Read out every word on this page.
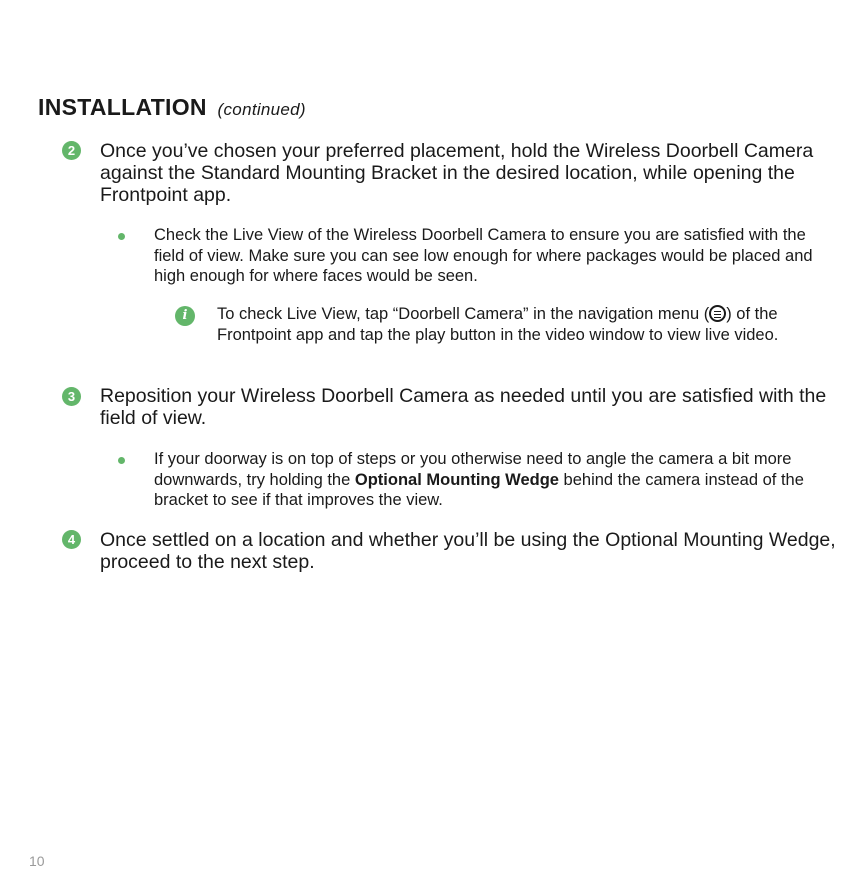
INSTALLATION (continued)
2	Once you’ve chosen your preferred placement, hold the Wireless Doorbell Camera against the Standard Mounting Bracket in the desired location, while opening the Frontpoint app.
Check the Live View of the Wireless Doorbell Camera to ensure you are satisfied with the field of view. Make sure you can see low enough for where packages would be placed and high enough for where faces would be seen.
i	To check Live View, tap “Doorbell Camera” in the navigation menu ( ) of the Frontpoint app and tap the play button in the video window to view live video.
3	Reposition your Wireless Doorbell Camera as needed until you are satisfied with the field of view.
If your doorway is on top of steps or you otherwise need to angle the camera a bit more downwards, try holding the Optional Mounting Wedge behind the camera instead of the bracket to see if that improves the view.
4	Once settled on a location and whether you’ll be using the Optional Mounting Wedge, proceed to the next step.
10
